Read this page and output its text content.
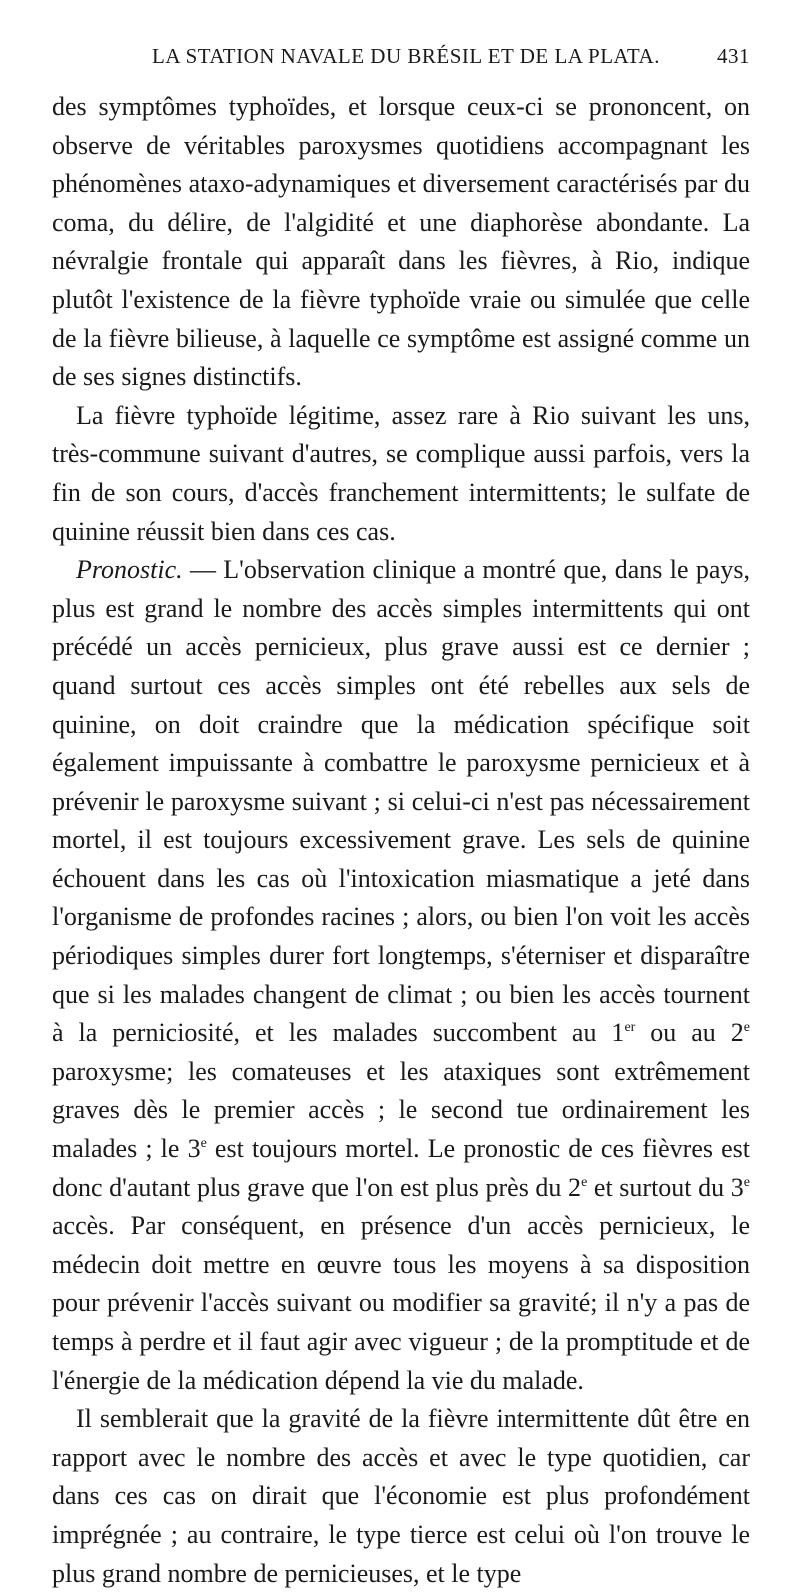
LA STATION NAVALE DU BRÉSIL ET DE LA PLATA.	431

des symptômes typhoïdes, et lorsque ceux-ci se prononcent, on observe de véritables paroxysmes quotidiens accompagnant les phénomènes ataxo-adynamiques et diversement caractérisés par du coma, du délire, de l'algidité et une diaphorèse abondante. La névralgie frontale qui apparaît dans les fièvres, à Rio, indique plutôt l'existence de la fièvre typhoïde vraie ou simulée que celle de la fièvre bilieuse, à laquelle ce symptôme est assigné comme un de ses signes distinctifs.

La fièvre typhoïde légitime, assez rare à Rio suivant les uns, très-commune suivant d'autres, se complique aussi parfois, vers la fin de son cours, d'accès franchement intermittents; le sulfate de quinine réussit bien dans ces cas.

Pronostic. — L'observation clinique a montré que, dans le pays, plus est grand le nombre des accès simples intermittents qui ont précédé un accès pernicieux, plus grave aussi est ce dernier ; quand surtout ces accès simples ont été rebelles aux sels de quinine, on doit craindre que la médication spécifique soit également impuissante à combattre le paroxysme pernicieux et à prévenir le paroxysme suivant ; si celui-ci n'est pas nécessairement mortel, il est toujours excessivement grave. Les sels de quinine échouent dans les cas où l'intoxication miasmatique a jeté dans l'organisme de profondes racines ; alors, ou bien l'on voit les accès périodiques simples durer fort longtemps, s'éterniser et disparaître que si les malades changent de climat ; ou bien les accès tournent à la perniciosité, et les malades succombent au 1er ou au 2e paroxysme; les comateuses et les ataxiques sont extrêmement graves dès le premier accès ; le second tue ordinairement les malades ; le 3e est toujours mortel. Le pronostic de ces fièvres est donc d'autant plus grave que l'on est plus près du 2e et surtout du 3e accès. Par conséquent, en présence d'un accès pernicieux, le médecin doit mettre en œuvre tous les moyens à sa disposition pour prévenir l'accès suivant ou modifier sa gravité; il n'y a pas de temps à perdre et il faut agir avec vigueur ; de la promptitude et de l'énergie de la médication dépend la vie du malade.

Il semblerait que la gravité de la fièvre intermittente dût être en rapport avec le nombre des accès et avec le type quotidien, car dans ces cas on dirait que l'économie est plus profondément imprégnée ; au contraire, le type tierce est celui où l'on trouve le plus grand nombre de pernicieuses, et le type
